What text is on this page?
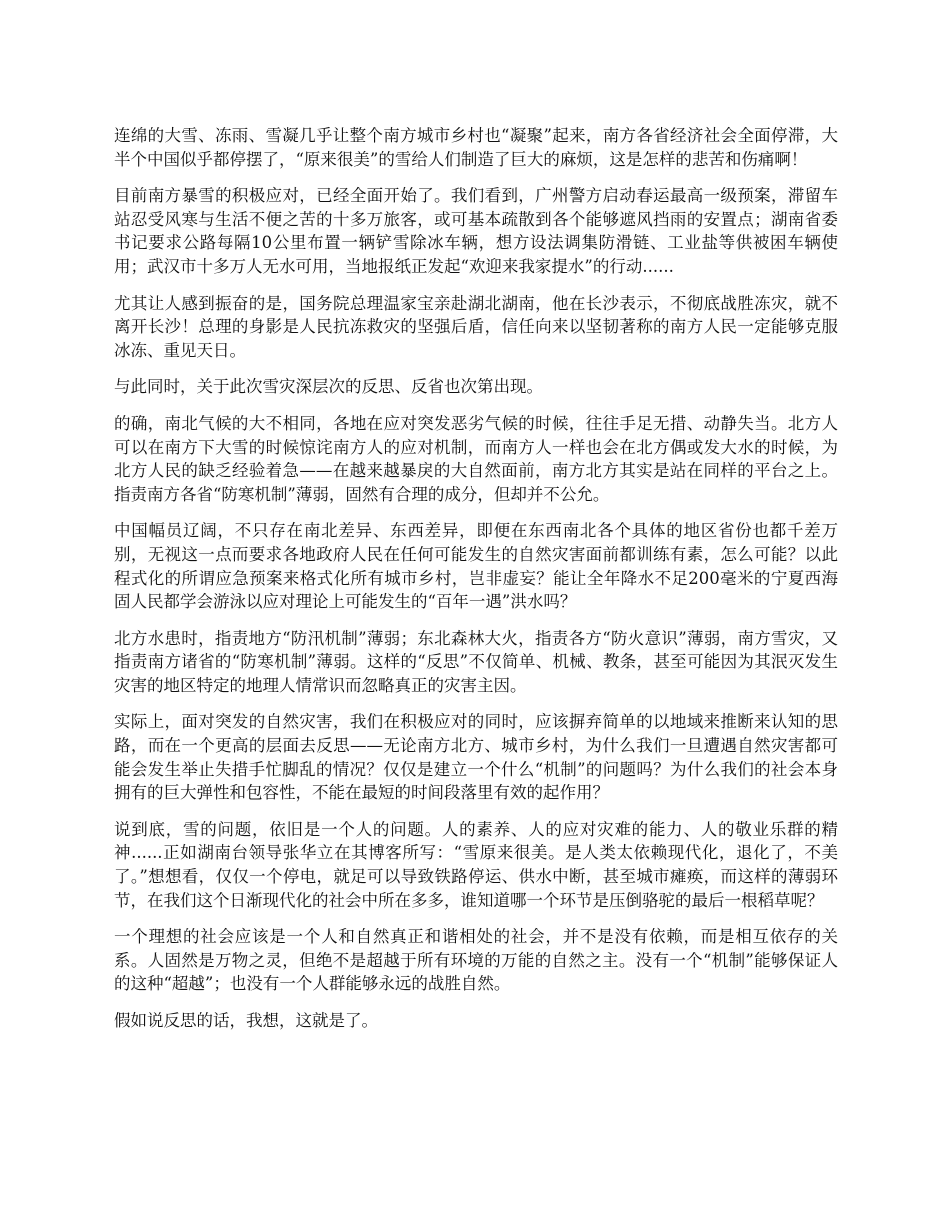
连绵的大雪、冻雨、雪凝几乎让整个南方城市乡村也“凝聚”起来，南方各省经济社会全面停滞，大半个中国似乎都停摆了，“原来很美”的雪给人们制造了巨大的麻烦，这是怎样的悲苦和伤痛啊！

目前南方暴雪的积极应对，已经全面开始了。我们看到，广州警方启动春运最高一级预案，滞留车站忍受风寒与生活不便之苦的十多万旅客，或可基本疏散到各个能够遮风挡雨的安置点；湖南省委书记要求公路每隔10公里布置一辆铲雪除冰车辆，想方设法调集防滑链、工业盐等供被困车辆使用；武汉市十多万人无水可用，当地报纸正发起“欢迎来我家提水”的行动......

尤其让人感到振奋的是，国务院总理温家宝亲赴湖北湖南，他在长沙表示，不彻底战胜冻灾，就不离开长沙！总理的身影是人民抗冻救灾的坚强后盾，信任向来以坚韧著称的南方人民一定能够克服冰冻、重见天日。

与此同时，关于此次雪灾深层次的反思、反省也次第出现。

的确，南北气候的大不相同，各地在应对突发恶劣气候的时候，往往手足无措、动静失当。北方人可以在南方下大雪的时候惊诧南方人的应对机制，而南方人一样也会在北方偶或发大水的时候，为北方人民的缺乏经验着急——在越来越暴戾的大自然面前，南方北方其实是站在同样的平台之上。指责南方各省“防寒机制”薄弱，固然有合理的成分，但却并不公允。

中国幅员辽阔，不只存在南北差异、东西差异，即便在东西南北各个具体的地区省份也都千差万别，无视这一点而要求各地政府人民在任何可能发生的自然灾害面前都训练有素，怎么可能？以此程式化的所谓应急预案来格式化所有城市乡村，岂非虚妄？能让全年降水不足200毫米的宁夏西海固人民都学会游泳以应对理论上可能发生的“百年一遇”洪水吗？

北方水患时，指责地方“防汛机制”薄弱；东北森林大火，指责各方“防火意识”薄弱，南方雪灾，又指责南方诸省的“防寒机制”薄弱。这样的“反思”不仅简单、机械、教条，甚至可能因为其泯灭发生灾害的地区特定的地理人情常识而忽略真正的灾害主因。

实际上，面对突发的自然灾害，我们在积极应对的同时，应该摒弃简单的以地域来推断来认知的思路，而在一个更高的层面去反思——无论南方北方、城市乡村，为什么我们一旦遭遇自然灾害都可能会发生举止失措手忙脚乱的情况？仅仅是建立一个什么“机制”的问题吗？为什么我们的社会本身拥有的巨大弹性和包容性，不能在最短的时间段落里有效的起作用？

说到底，雪的问题，依旧是一个人的问题。人的素养、人的应对灾难的能力、人的敬业乐群的精神......正如湖南台领导张华立在其博客所写：“雪原来很美。是人类太依赖现代化，退化了，不美了。”想想看，仅仅一个停电，就足可以导致铁路停运、供水中断，甚至城市瘫痪，而这样的薄弱环节，在我们这个日渐现代化的社会中所在多多，谁知道哪一个环节是压倒骆驼的最后一根稻草呢？

一个理想的社会应该是一个人和自然真正和谐相处的社会，并不是没有依赖，而是相互依存的关系。人固然是万物之灵，但绝不是超越于所有环境的万能的自然之主。没有一个“机制”能够保证人的这种“超越”；也没有一个人群能够永远的战胜自然。

假如说反思的话，我想，这就是了。
